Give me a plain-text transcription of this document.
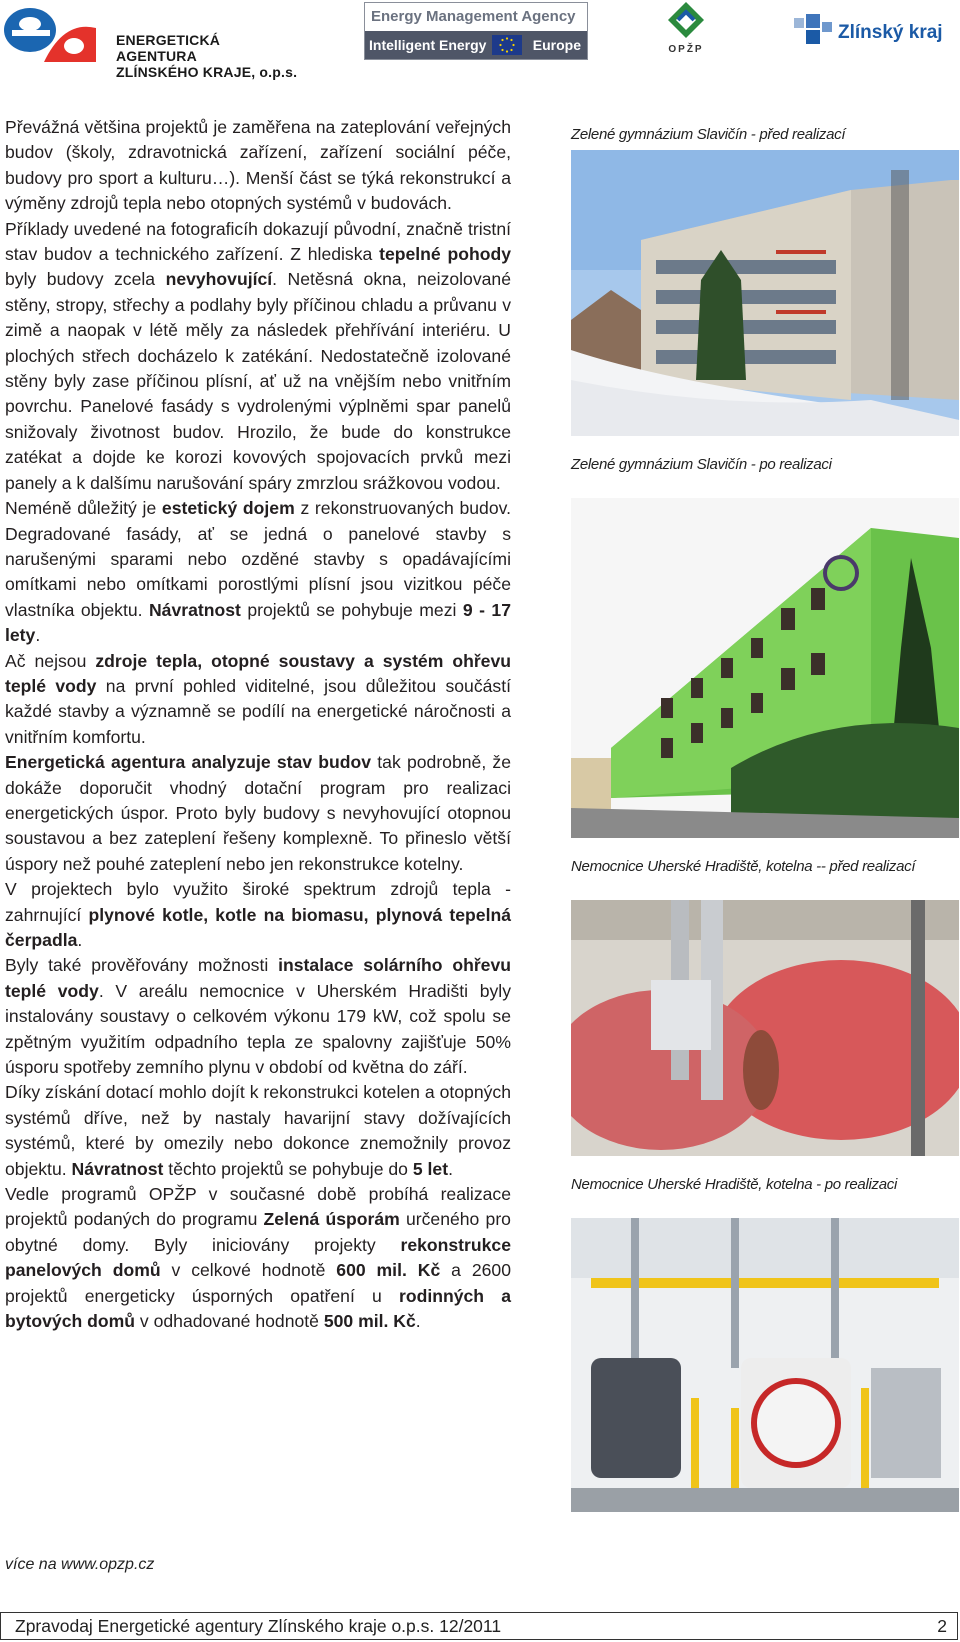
ENERGETICKÁ AGENTURA
ZLÍNSKÉHO KRAJE, o.p.s.
Energy Management Agency
Intelligent Energy	Europe	OPŽP
Zlínský kraj

Převážná většina projektů je zaměřena na zateplování veřejných budov (školy, zdravotnická zařízení, zařízení sociální péče, budovy pro sport a kulturu…). Menší část se týká rekonstrukcí a výměny zdrojů tepla nebo otopných systémů v budovách.

Příklady uvedené na fotograficíh dokazují původní, značně tristní stav budov a technického zařízení. Z hlediska tepelné pohody byly budovy zcela nevyhovující. Netěsná okna, neizolované stěny, stropy, střechy a podlahy byly příčinou chladu a průvanu v zimě a naopak v létě měly za následek přehřívání interiéru. U plochých střech docházelo k zatékání. Nedostatečně izolované stěny byly zase příčinou plísní, ať už na vnějším nebo vnitřním povrchu. Panelové fasády s vydrolenými výplněmi spar panelů snižovaly životnost budov. Hrozilo, že bude do konstrukce zatékat a dojde ke korozi kovových spojovacích prvků mezi panely a k dalšímu narušování spáry zmrzlou srážkovou vodou.

Neméně důležitý je estetický dojem z rekonstruovaných budov. Degradované fasády, ať se jedná o panelové stavby s narušenými sparami nebo ozděné stavby s opadávajícími omítkami nebo omítkami porostlými plísní jsou vizitkou péče vlastníka objektu. Návratnost projektů se pohybuje mezi 9 - 17 lety.

Ač nejsou zdroje tepla, otopné soustavy a systém ohřevu teplé vody na první pohled viditelné, jsou důležitou součástí každé stavby a významně se podílí na energetické náročnosti a vnitřním komfortu.

Energetická agentura analyzuje stav budov tak podrobně, že dokáže doporučit vhodný dotační program pro realizaci energetických úspor. Proto byly budovy s nevyhovující otopnou soustavou a bez zateplení řešeny komplexně. To přineslo větší úspory než pouhé zateplení nebo jen rekonstrukce kotelny.

V projektech bylo využito široké spektrum zdrojů tepla - zahrnující plynové kotle, kotle na biomasu, plynová tepelná čerpadla.

Byly také prověřovány možnosti instalace solárního ohřevu teplé vody. V areálu nemocnice v Uherském Hradišti byly instalovány soustavy o celkovém výkonu 179 kW, což spolu se zpětným využitím odpadního tepla ze spalovny zajišťuje 50% úsporu spotřeby zemního plynu v období od května do září.

Díky získání dotací mohlo dojít k rekonstrukci kotelen a otopných systémů dříve, než by nastaly havarijní stavy dožívajících systémů, které by omezily nebo dokonce znemožnily provoz objektu. Návratnost těchto projektů se pohybuje do 5 let.

Vedle programů OPŽP v současné době probíhá realizace projektů podaných do programu Zelená úsporám určeného pro obytné domy. Byly iniciovány projekty rekonstrukce panelových domů v celkové hodnotě 600 mil. Kč a 2600 projektů energeticky úsporných opatření u rodinných a bytových domů v odhadované hodnotě 500 mil. Kč.

Zelené gymnázium Slavičín - před realizací
Zelené gymnázium Slavičín - po realizaci
Nemocnice Uherské Hradiště, kotelna -- před realizací
Nemocnice Uherské Hradiště, kotelna - po realizaci
více na www.opzp.cz
Zpravodaj Energetické agentury Zlínského kraje o.p.s. 12/2011	2
